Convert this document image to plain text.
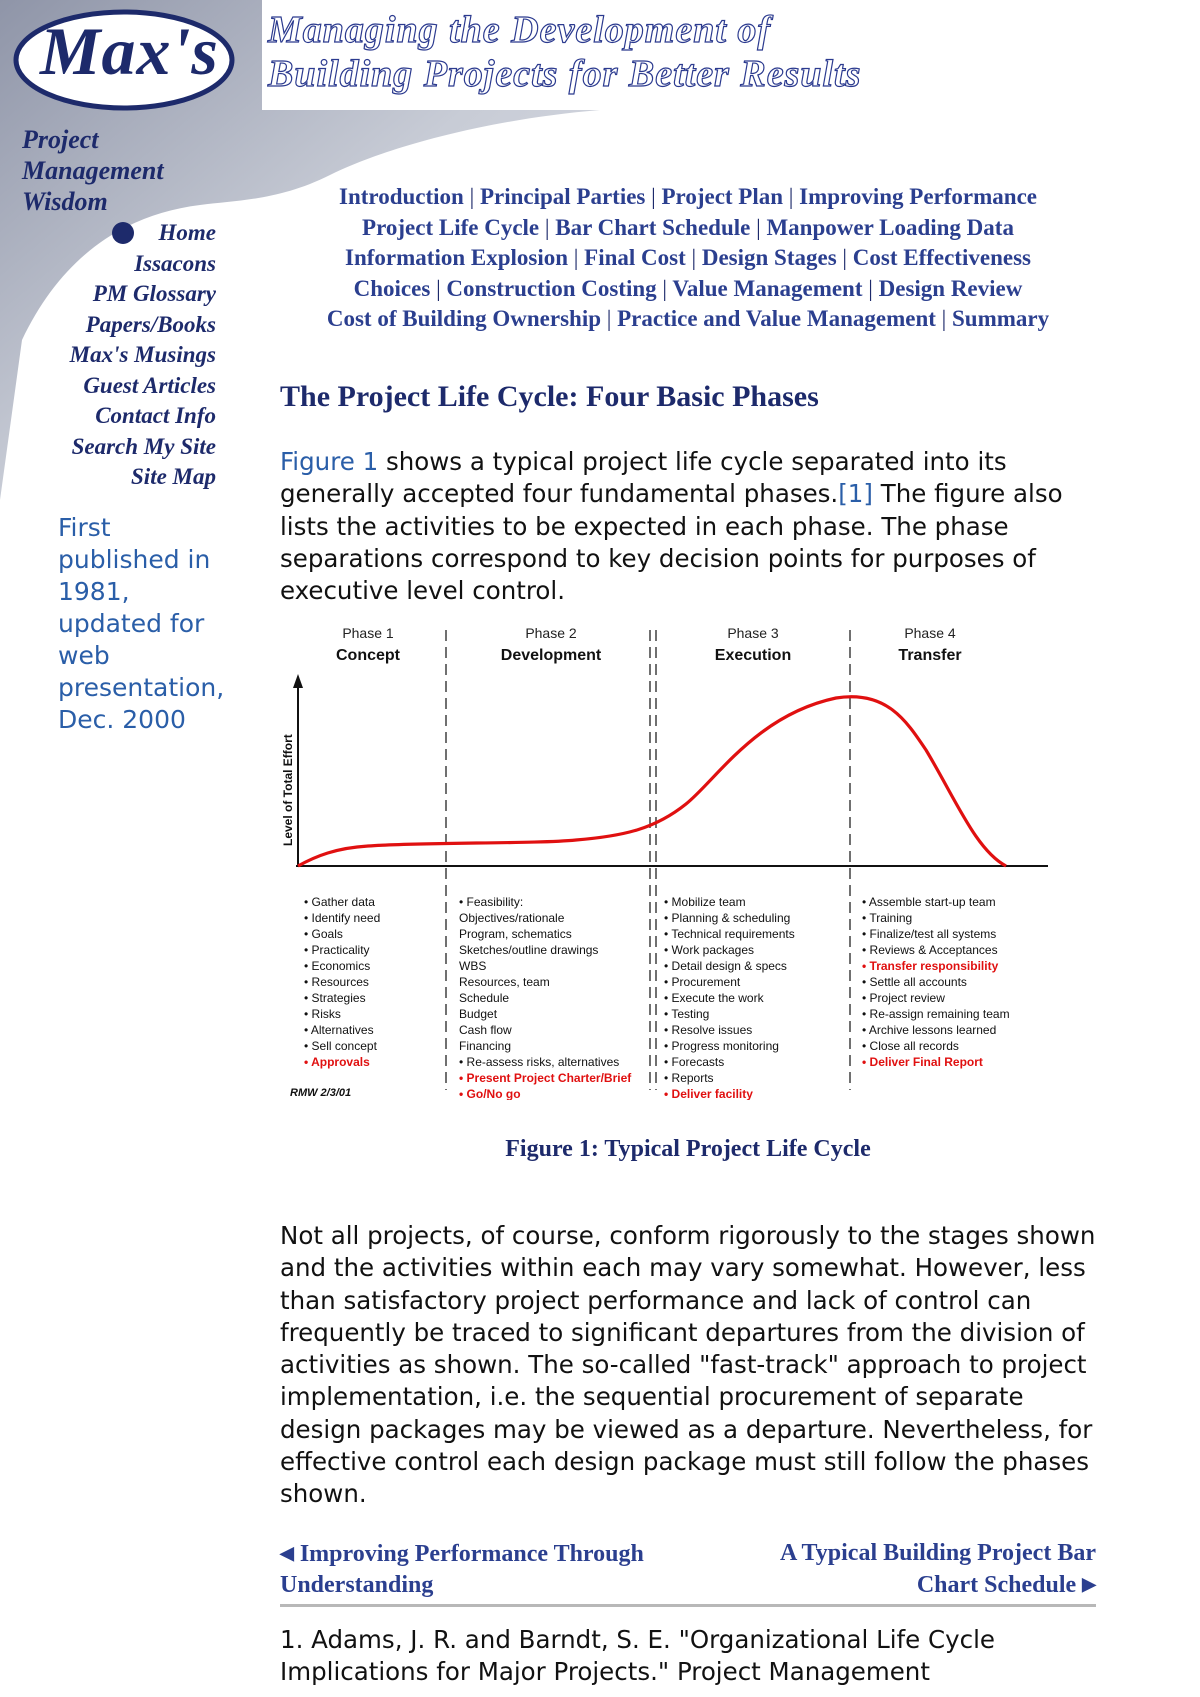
Max's Managing the Development of
Building Projects for Better Results
Project
Management
Wisdom
Home
Issacons
PM Glossary
Papers/Books
Max's Musings
Guest Articles
Contact Info
Search My Site
Site Map
First
published in
1981,
updated for
web
presentation,
Dec. 2000
Introduction | Principal Parties | Project Plan | Improving Performance
Project Life Cycle | Bar Chart Schedule | Manpower Loading Data
Information Explosion | Final Cost | Design Stages | Cost Effectiveness
Choices | Construction Costing | Value Management | Design Review
Cost of Building Ownership | Practice and Value Management | Summary
The Project Life Cycle: Four Basic Phases

Figure 1 shows a typical project life cycle separated into its generally accepted four fundamental phases.[1] The figure also lists the activities to be expected in each phase. The phase separations correspond to key decision points for purposes of executive level control.

Phase 1
Concept
Phase 2
Development
Phase 3
Execution
Phase 4
Transfer
Level of Total Effort
• Gather data
• Identify need
• Goals
• Practicality
• Economics
• Resources
• Strategies
• Risks
• Alternatives
• Sell concept
• Approvals
• Feasibility:
Objectives/rationale
Program, schematics
Sketches/outline drawings
WBS
Resources, team
Schedule
Budget
Cash flow
Financing
• Re-assess risks, alternatives
• Present Project Charter/Brief
• Go/No go
• Mobilize team
• Planning & scheduling
• Technical requirements
• Work packages
• Detail design & specs
• Procurement
• Execute the work
• Testing
• Resolve issues
• Progress monitoring
• Forecasts
• Reports
• Deliver facility
• Assemble start-up team
• Training
• Finalize/test all systems
• Reviews & Acceptances
• Transfer responsibility
• Settle all accounts
• Project review
• Re-assign remaining team
• Archive lessons learned
• Close all records
• Deliver Final Report
RMW 2/3/01
Figure 1: Typical Project Life Cycle

Not all projects, of course, conform rigorously to the stages shown and the activities within each may vary somewhat. However, less than satisfactory project performance and lack of control can frequently be traced to significant departures from the division of activities as shown. The so-called "fast-track" approach to project implementation, i.e. the sequential procurement of separate design packages may be viewed as a departure. Nevertheless, for effective control each design package must still follow the phases shown.

◀ Improving Performance Through Understanding
A Typical Building Project Bar Chart Schedule ▶

1. Adams, J. R. and Barndt, S. E. "Organizational Life Cycle Implications for Major Projects." Project Management
